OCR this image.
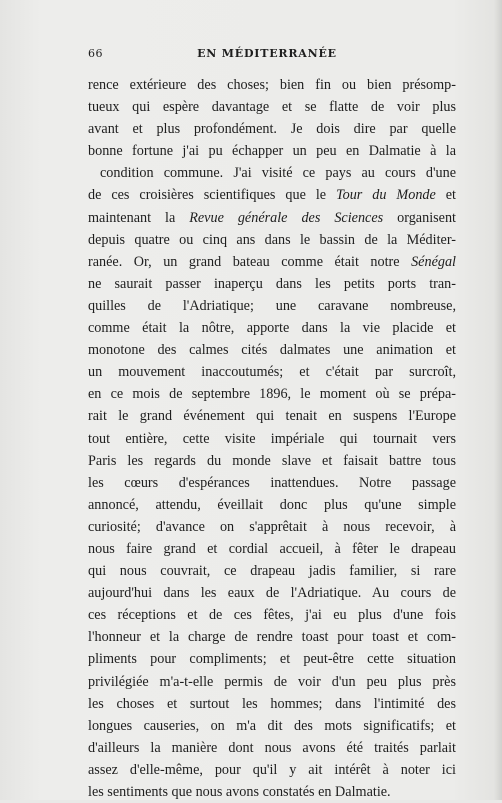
66	EN MÉDITERRANÉE
rence extérieure des choses; bien fin ou bien présomp-
tueux qui espère davantage et se flatte de voir plus
avant et plus profondément. Je dois dire par quelle
bonne fortune j'ai pu échapper un peu en Dalmatie à la
condition commune. J'ai visité ce pays au cours d'une
de ces croisières scientifiques que le Tour du Monde et
maintenant la Revue générale des Sciences organisent
depuis quatre ou cinq ans dans le bassin de la Méditer-
ranée. Or, un grand bateau comme était notre Sénégal
ne saurait passer inaperçu dans les petits ports tran-
quilles de l'Adriatique; une caravane nombreuse,
comme était la nôtre, apporte dans la vie placide et
monotone des calmes cités dalmates une animation et
un mouvement inaccoutumés; et c'était par surcroît,
en ce mois de septembre 1896, le moment où se prépa-
rait le grand événement qui tenait en suspens l'Europe
tout entière, cette visite impériale qui tournait vers
Paris les regards du monde slave et faisait battre tous
les cœurs d'espérances inattendues. Notre passage
annoncé, attendu, éveillait donc plus qu'une simple
curiosité; d'avance on s'apprêtait à nous recevoir, à
nous faire grand et cordial accueil, à fêter le drapeau
qui nous couvrait, ce drapeau jadis familier, si rare
aujourd'hui dans les eaux de l'Adriatique. Au cours de
ces réceptions et de ces fêtes, j'ai eu plus d'une fois
l'honneur et la charge de rendre toast pour toast et com-
pliments pour compliments; et peut-être cette situation
privilégiée m'a-t-elle permis de voir d'un peu plus près
les choses et surtout les hommes; dans l'intimité des
longues causeries, on m'a dit des mots significatifs; et
d'ailleurs la manière dont nous avons été traités parlait
assez d'elle-même, pour qu'il y ait intérêt à noter ici
les sentiments que nous avons constatés en Dalmatie.
